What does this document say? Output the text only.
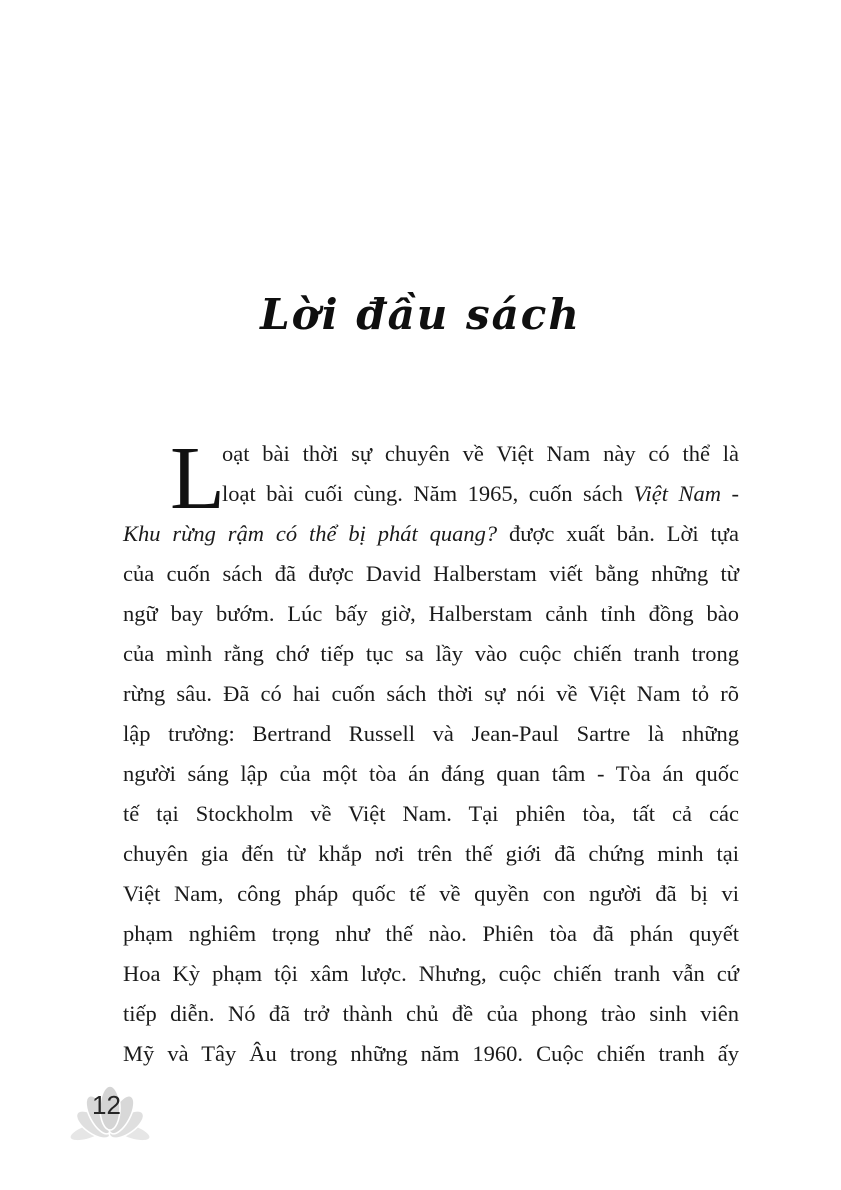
Lời đầu sách
L
oạt bài thời sự chuyên về Việt Nam này có thể là
loạt bài cuối cùng. Năm 1965, cuốn sách Việt Nam -
Khu rừng rậm có thể bị phát quang? được xuất bản. Lời tựa
của cuốn sách đã được David Halberstam viết bằng những từ
ngữ bay bướm. Lúc bấy giờ, Halberstam cảnh tỉnh đồng bào
của mình rằng chớ tiếp tục sa lầy vào cuộc chiến tranh trong
rừng sâu. Đã có hai cuốn sách thời sự nói về Việt Nam tỏ rõ
lập trường: Bertrand Russell và Jean-Paul Sartre là những
người sáng lập của một tòa án đáng quan tâm - Tòa án quốc
tế tại Stockholm về Việt Nam. Tại phiên tòa, tất cả các
chuyên gia đến từ khắp nơi trên thế giới đã chứng minh tại
Việt Nam, công pháp quốc tế về quyền con người đã bị vi
phạm nghiêm trọng như thế nào. Phiên tòa đã phán quyết
Hoa Kỳ phạm tội xâm lược. Nhưng, cuộc chiến tranh vẫn cứ
tiếp diễn. Nó đã trở thành chủ đề của phong trào sinh viên
Mỹ và Tây Âu trong những năm 1960. Cuộc chiến tranh ấy
12
